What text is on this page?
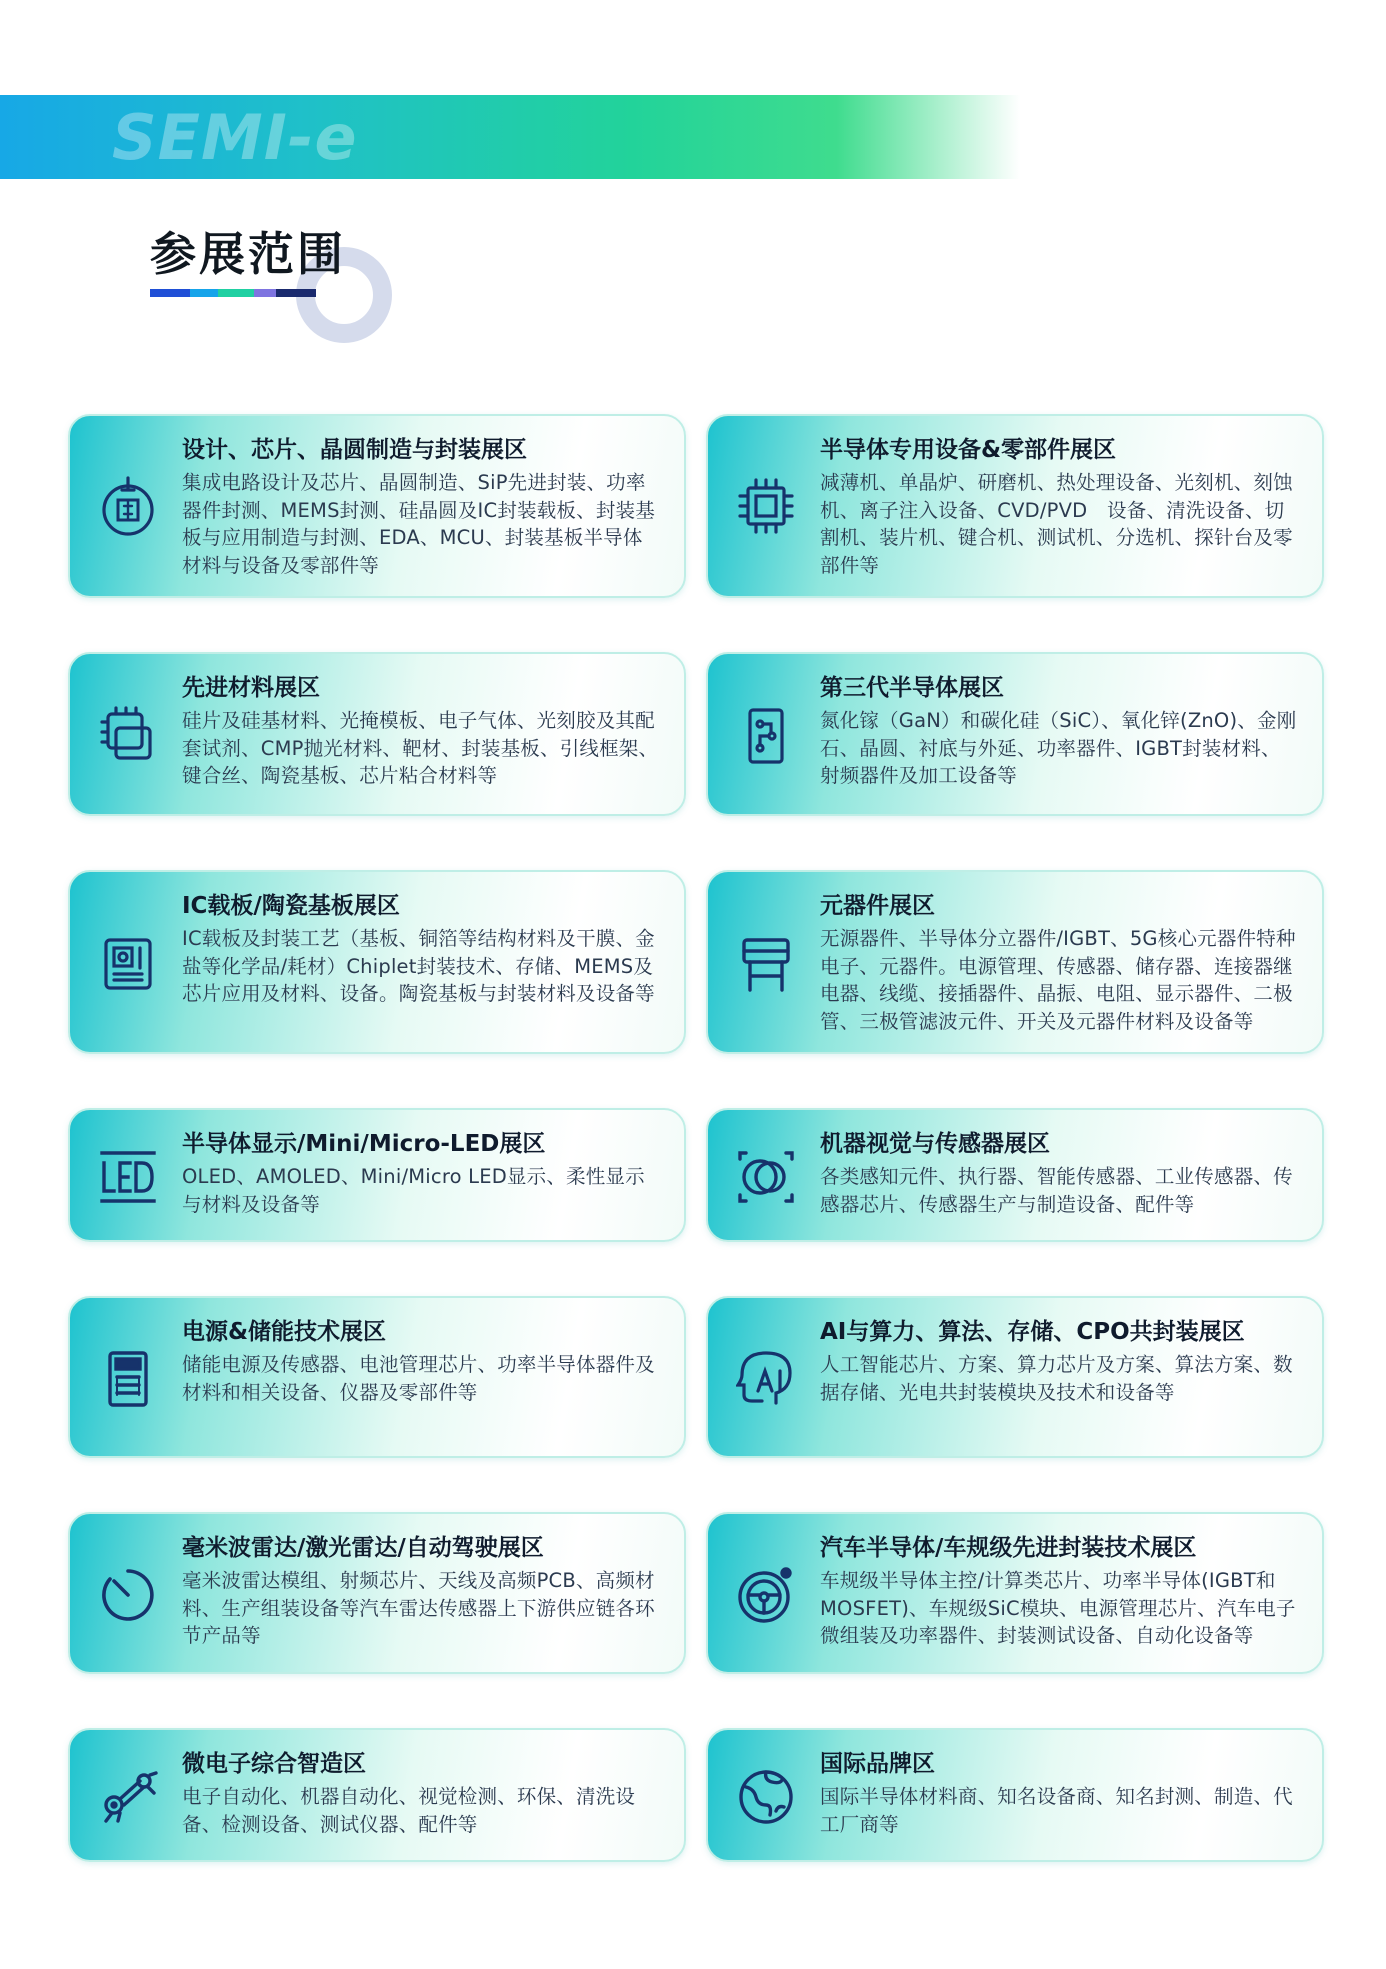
SEMI-e
参展范围
设计、芯片、晶圆制造与封装展区
集成电路设计及芯片、晶圆制造、SiP先进封装、功率器件封测、MEMS封测、硅晶圆及IC封装载板、封装基板与应用制造与封测、EDA、MCU、封装基板半导体材料与设备及零部件等
半导体专用设备&零部件展区
减薄机、单晶炉、研磨机、热处理设备、光刻机、刻蚀机、离子注入设备、CVD/PVD　设备、清洗设备、切割机、装片机、键合机、测试机、分选机、探针台及零部件等
先进材料展区
硅片及硅基材料、光掩模板、电子气体、光刻胶及其配套试剂、CMP抛光材料、靶材、封装基板、引线框架、键合丝、陶瓷基板、芯片粘合材料等
第三代半导体展区
氮化镓（GaN）和碳化硅（SiC）、氧化锌(ZnO)、金刚石、晶圆、衬底与外延、功率器件、IGBT封装材料、射频器件及加工设备等
IC载板/陶瓷基板展区
IC载板及封装工艺（基板、铜箔等结构材料及干膜、金盐等化学品/耗材）Chiplet封装技术、存储、MEMS及芯片应用及材料、设备。陶瓷基板与封装材料及设备等
元器件展区
无源器件、半导体分立器件/IGBT、5G核心元器件特种电子、元器件。电源管理、传感器、储存器、连接器继电器、线缆、接插器件、晶振、电阻、显示器件、二极管、三极管滤波元件、开关及元器件材料及设备等
半导体显示/Mini/Micro-LED展区
OLED、AMOLED、Mini/Micro LED显示、柔性显示与材料及设备等
机器视觉与传感器展区
各类感知元件、执行器、智能传感器、工业传感器、传感器芯片、传感器生产与制造设备、配件等
电源&储能技术展区
储能电源及传感器、电池管理芯片、功率半导体器件及材料和相关设备、仪器及零部件等
AI与算力、算法、存储、CPO共封装展区
人工智能芯片、方案、算力芯片及方案、算法方案、数据存储、光电共封装模块及技术和设备等
毫米波雷达/激光雷达/自动驾驶展区
毫米波雷达模组、射频芯片、天线及高频PCB、高频材料、生产组装设备等汽车雷达传感器上下游供应链各环节产品等
汽车半导体/车规级先进封装技术展区
车规级半导体主控/计算类芯片、功率半导体(IGBT和MOSFET)、车规级SiC模块、电源管理芯片、汽车电子微组装及功率器件、封装测试设备、自动化设备等
微电子综合智造区
电子自动化、机器自动化、视觉检测、环保、清洗设备、检测设备、测试仪器、配件等
国际品牌区
国际半导体材料商、知名设备商、知名封测、制造、代工厂商等
